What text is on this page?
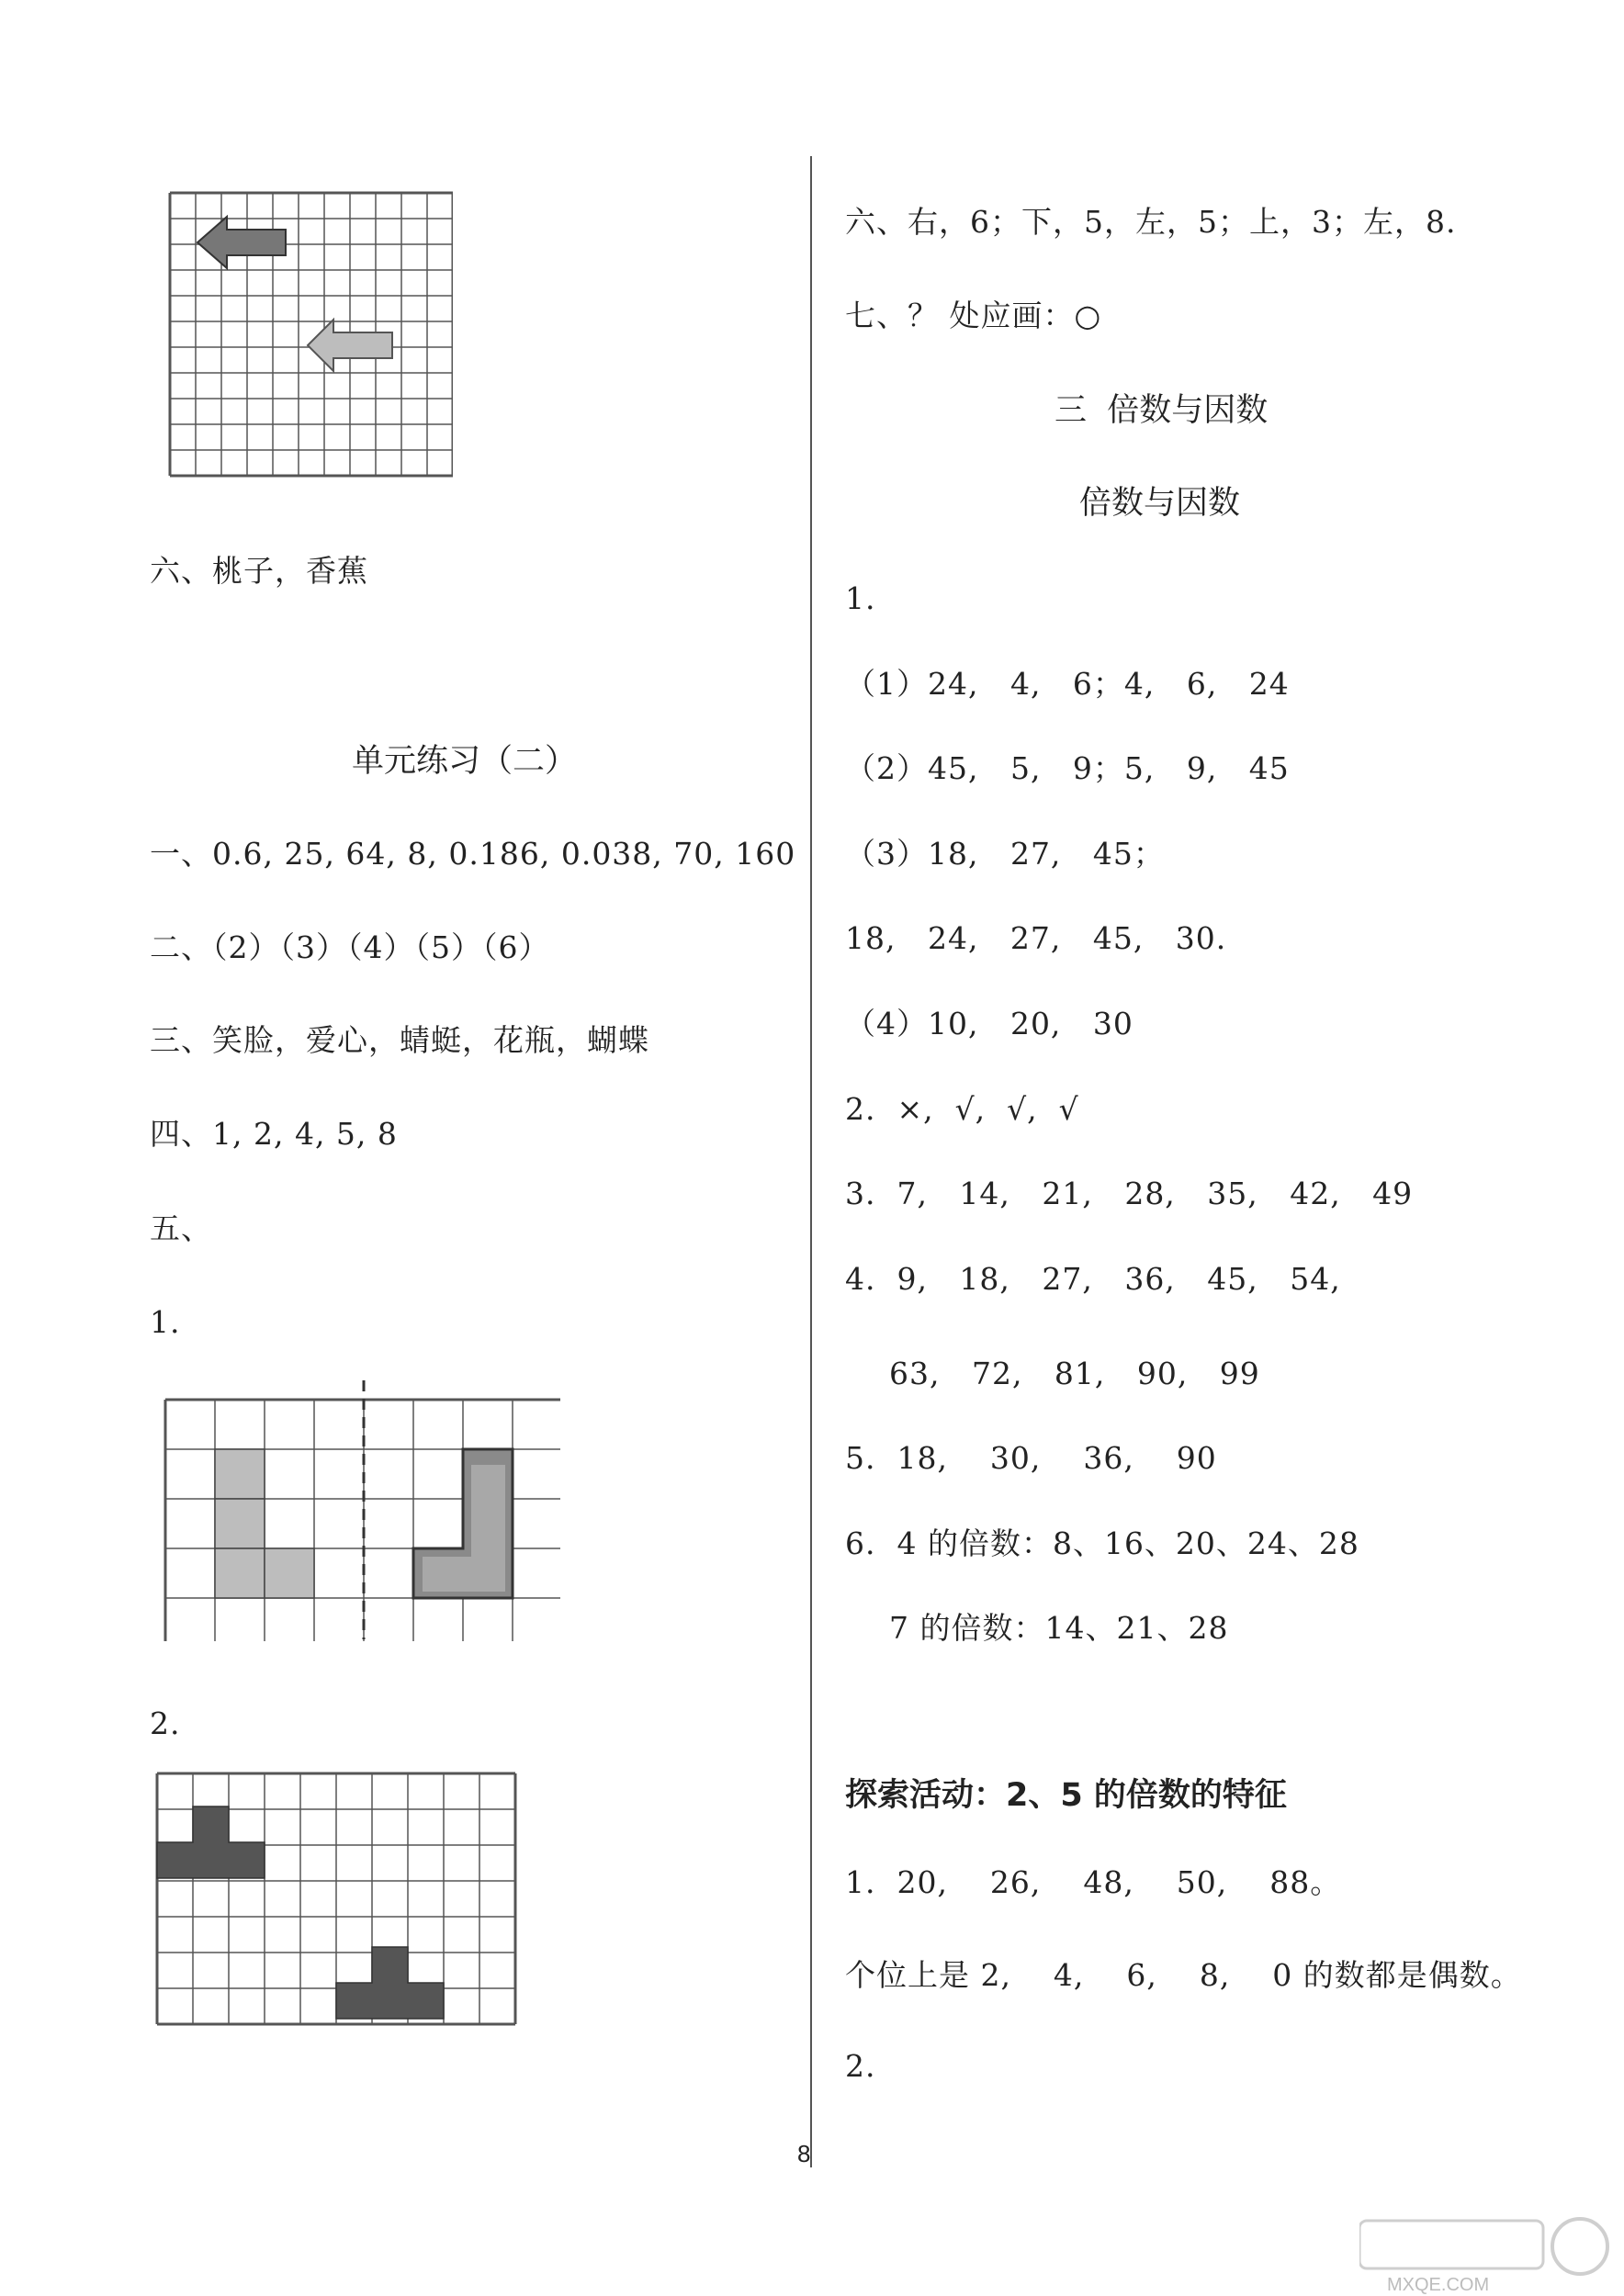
六、桃子，香蕉
单元练习（二）
一、0.6, 25, 64, 8, 0.186, 0.038, 70, 160
二、（2）（3）（4）（5）（6）
三、笑脸，爱心，蜻蜓，花瓶，蝴蝶
四、1, 2, 4, 5, 8
五、
1.
2.
六、右，6；下，5，左，5；上，3；左，8.
七、？ 处应画：○
三  倍数与因数
倍数与因数
1.
（1）24,   4,   6；4,   6,   24
（2）45,   5,   9；5,   9,   45
（3）18,   27,   45；
18,   24,   27,   45,   30.
（4）10,   20,   30
2.  ×,  √,  √,  √
3.  7,   14,   21,   28,   35,   42,   49
4.  9,   18,   27,   36,   45,   54,
63,   72,   81,   90,   99
5.  18,    30,    36,    90
6.  4 的倍数：8、16、20、24、28
7 的倍数：14、21、28
探索活动：2、5 的倍数的特征
1.  20,    26,    48,    50,    88。
个位上是 2,    4,    6,    8,    0 的数都是偶数。
2.
8
MXQE.COM
